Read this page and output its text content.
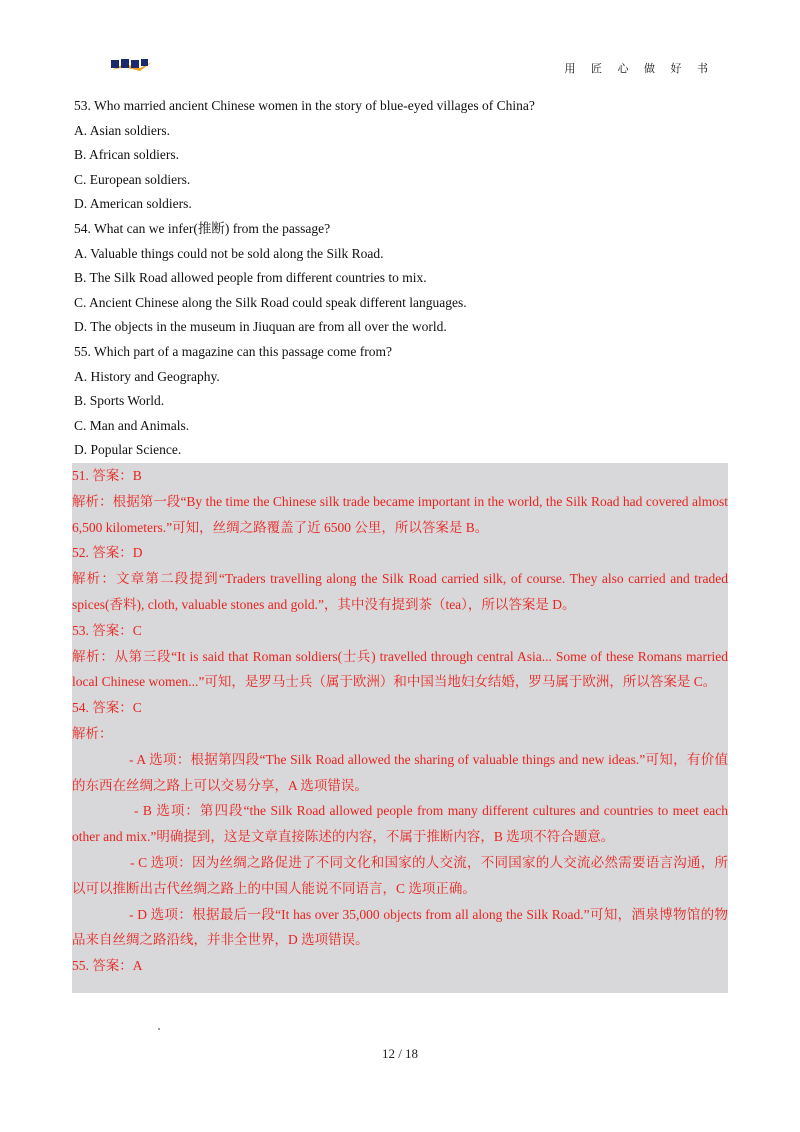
用 匠 心 做 好 书
53. Who married ancient Chinese women in the story of blue-eyed villages of China?
A. Asian soldiers.
B. African soldiers.
C. European soldiers.
D. American soldiers.
54. What can we infer(推断) from the passage?
A. Valuable things could not be sold along the Silk Road.
B. The Silk Road allowed people from different countries to mix.
C. Ancient Chinese along the Silk Road could speak different languages.
D. The objects in the museum in Jiuquan are from all over the world.
55. Which part of a magazine can this passage come from?
A. History and Geography.
B. Sports World.
C. Man and Animals.
D. Popular Science.
51. 答案：B
解析：根据第一段“By the time the Chinese silk trade became important in the world, the Silk Road had covered almost 6,500 kilometers.”可知，丝绸之路覆盖了近 6500 公里，所以答案是 B。
52. 答案：D
解析：文章第二段提到“Traders travelling along the Silk Road carried silk, of course. They also carried and traded spices(香料), cloth, valuable stones and gold.”，其中没有提到茶（tea），所以答案是 D。
53. 答案：C
解析：从第三段“It is said that Roman soldiers(士兵) travelled through central Asia... Some of these Romans married local Chinese women...”可知，是罗马士兵（属于欧洲）和中国当地妇女结婚，罗马属于欧洲，所以答案是 C。
54. 答案：C
解析：
- A 选项：根据第四段“The Silk Road allowed the sharing of valuable things and new ideas.”可知，有价值的东西在丝绸之路上可以交易分享，A 选项错误。
- B 选项：第四段“the Silk Road allowed people from many different cultures and countries to meet each other and mix.”明确提到，这是文章直接陈述的内容，不属于推断内容，B 选项不符合题意。
- C 选项：因为丝绸之路促进了不同文化和国家的人交流，不同国家的人交流必然需要语言沟通，所以可以推断出古代丝绸之路上的中国人能说不同语言，C 选项正确。
- D 选项：根据最后一段“It has over 35,000 objects from all along the Silk Road.”可知，酒泉博物馆的物品来自丝绸之路沿线，并非全世界，D 选项错误。
55. 答案：A
12 / 18
